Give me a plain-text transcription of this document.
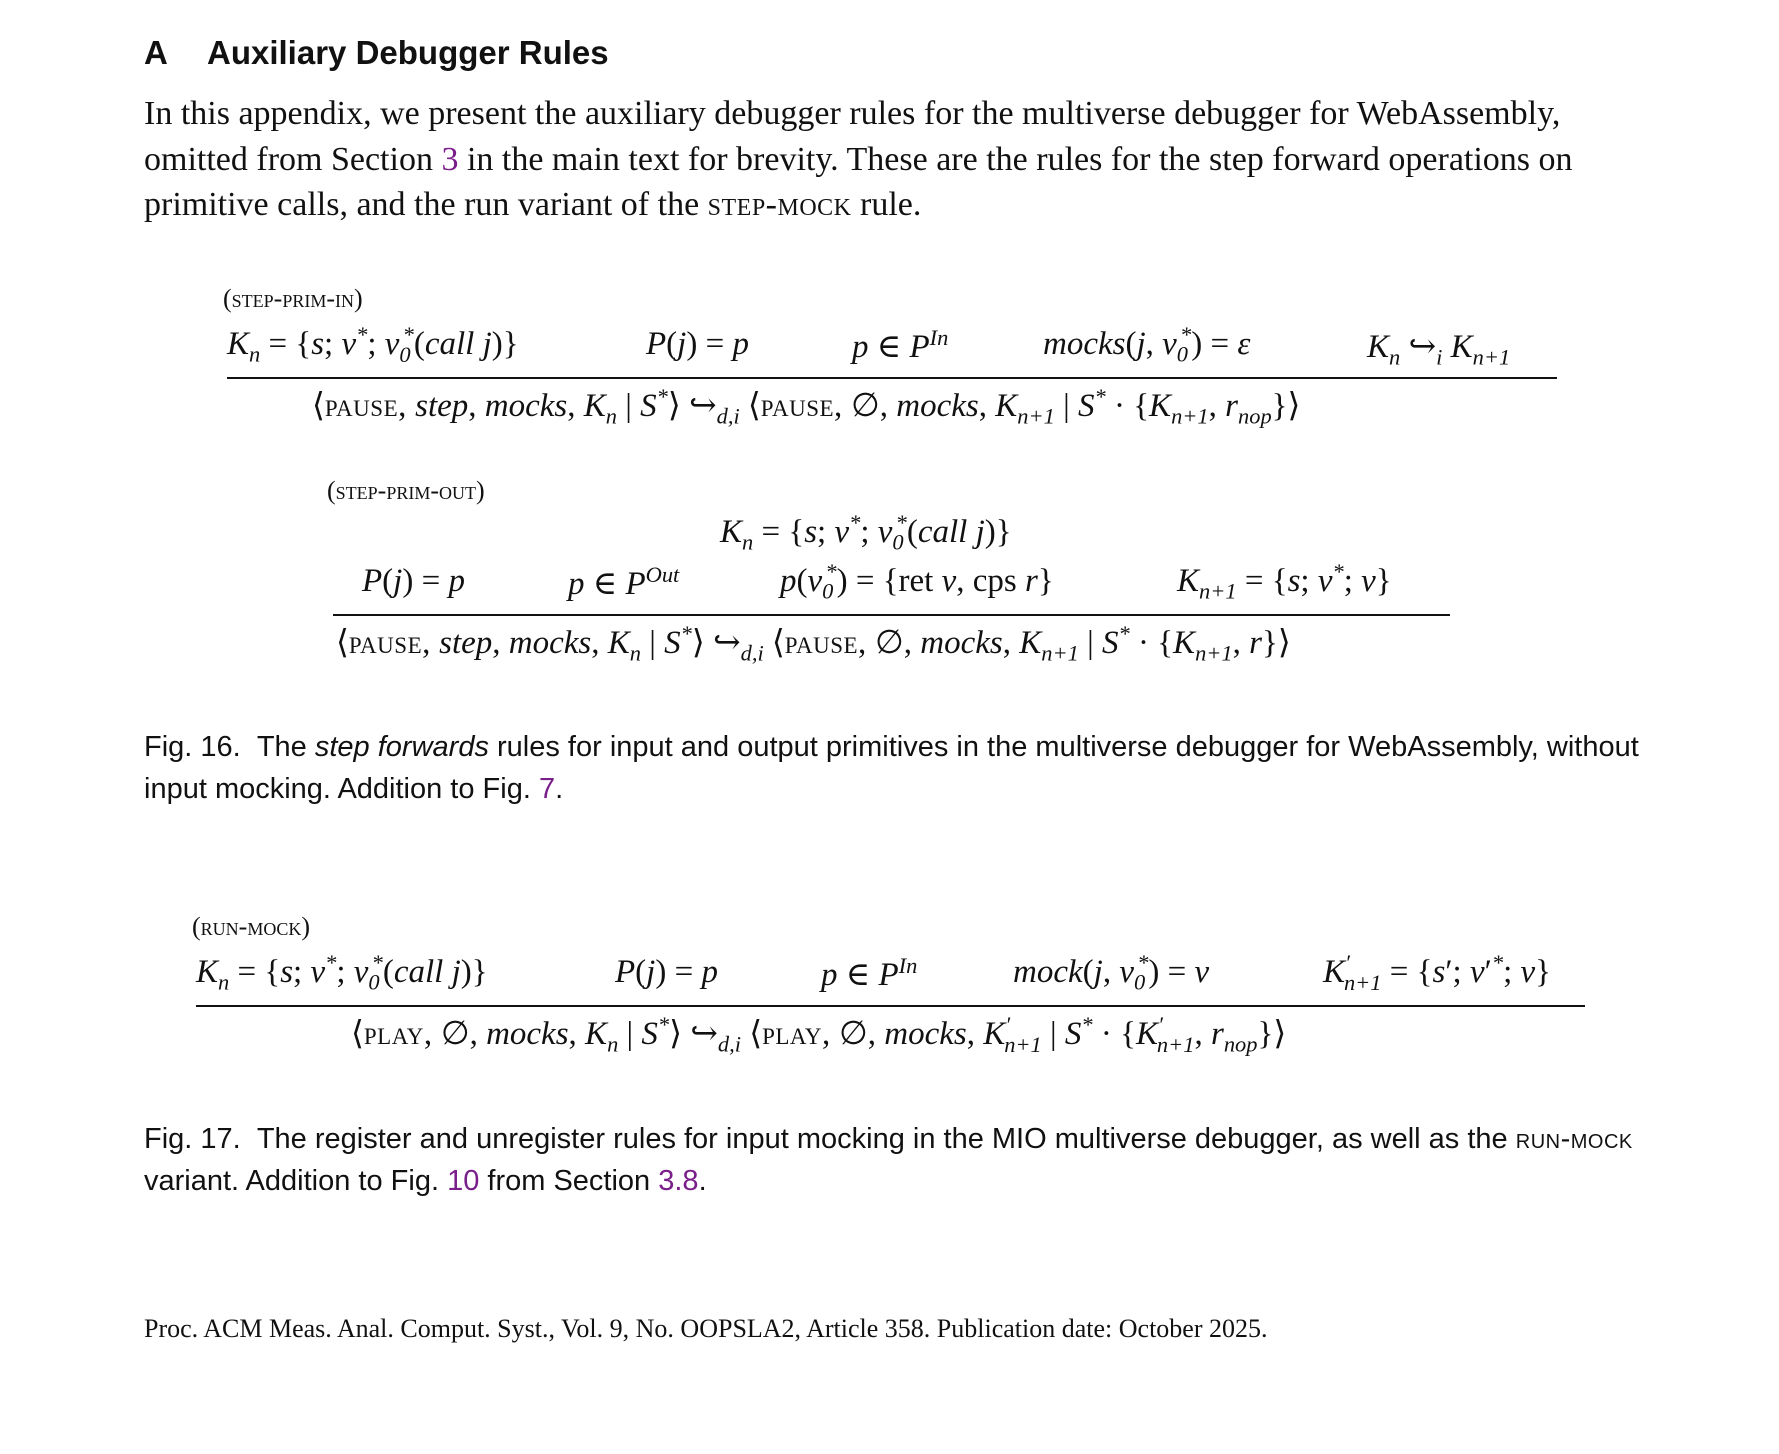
A Auxiliary Debugger Rules
In this appendix, we present the auxiliary debugger rules for the multiverse debugger for WebAssembly, omitted from Section 3 in the main text for brevity. These are the rules for the step forward operations on primitive calls, and the run variant of the step-mock rule.
(step-prim-in)
$K_n = \{s$; v*; $v_0^*(call$ j)}	P(j) = p	p ∈ $P^{In}$	mocks(j, $v_0^*) = \varepsilon$	$K_n$ $↪_i$ $K_{n+1}$
⟨pause, step, mocks, $K_n$ | S*⟩ $↪_{d,i}$ ⟨pause, ∅, mocks, $K_{n+1}$ | $S^* \cdot \{K_{n+1}$, $r_{nop}\}⟩$
(step-prim-out)
$K_n = \{s$; v*; $v_0^*(call$ j)}
P(j) = p	p ∈ $P^{Out}$	$p(v_0^*) = \{ret$ v, cps r}	$K_{n+1} = \{s$; v*; v}
⟨pause, step, mocks, $K_n$ | S*⟩ $↪_{d,i}$ ⟨pause, ∅, mocks, $K_{n+1}$ | $S^* \cdot \{K_{n+1}$, r}⟩
Fig. 16. The step forwards rules for input and output primitives in the multiverse debugger for WebAssembly, without input mocking. Addition to Fig. 7.
(run-mock)
$K_n = \{s$; v*; $v_0^*(call$ j)}	P(j) = p	p ∈ $P^{In}$	mock(j, $v_0^*) = v$	$K'_{n+1} = \{s'$; v′*; v}
⟨play, ∅, mocks, $K_n$ | S*⟩ $↪_{d,i}$ ⟨play, ∅, mocks, $K'_{n+1}$ | $S^* \cdot \{K'_{n+1}$, $r_{nop}\}⟩$
Fig. 17. The register and unregister rules for input mocking in the MIO multiverse debugger, as well as the run-mock variant. Addition to Fig. 10 from Section 3.8.
Proc. ACM Meas. Anal. Comput. Syst., Vol. 9, No. OOPSLA2, Article 358. Publication date: October 2025.
